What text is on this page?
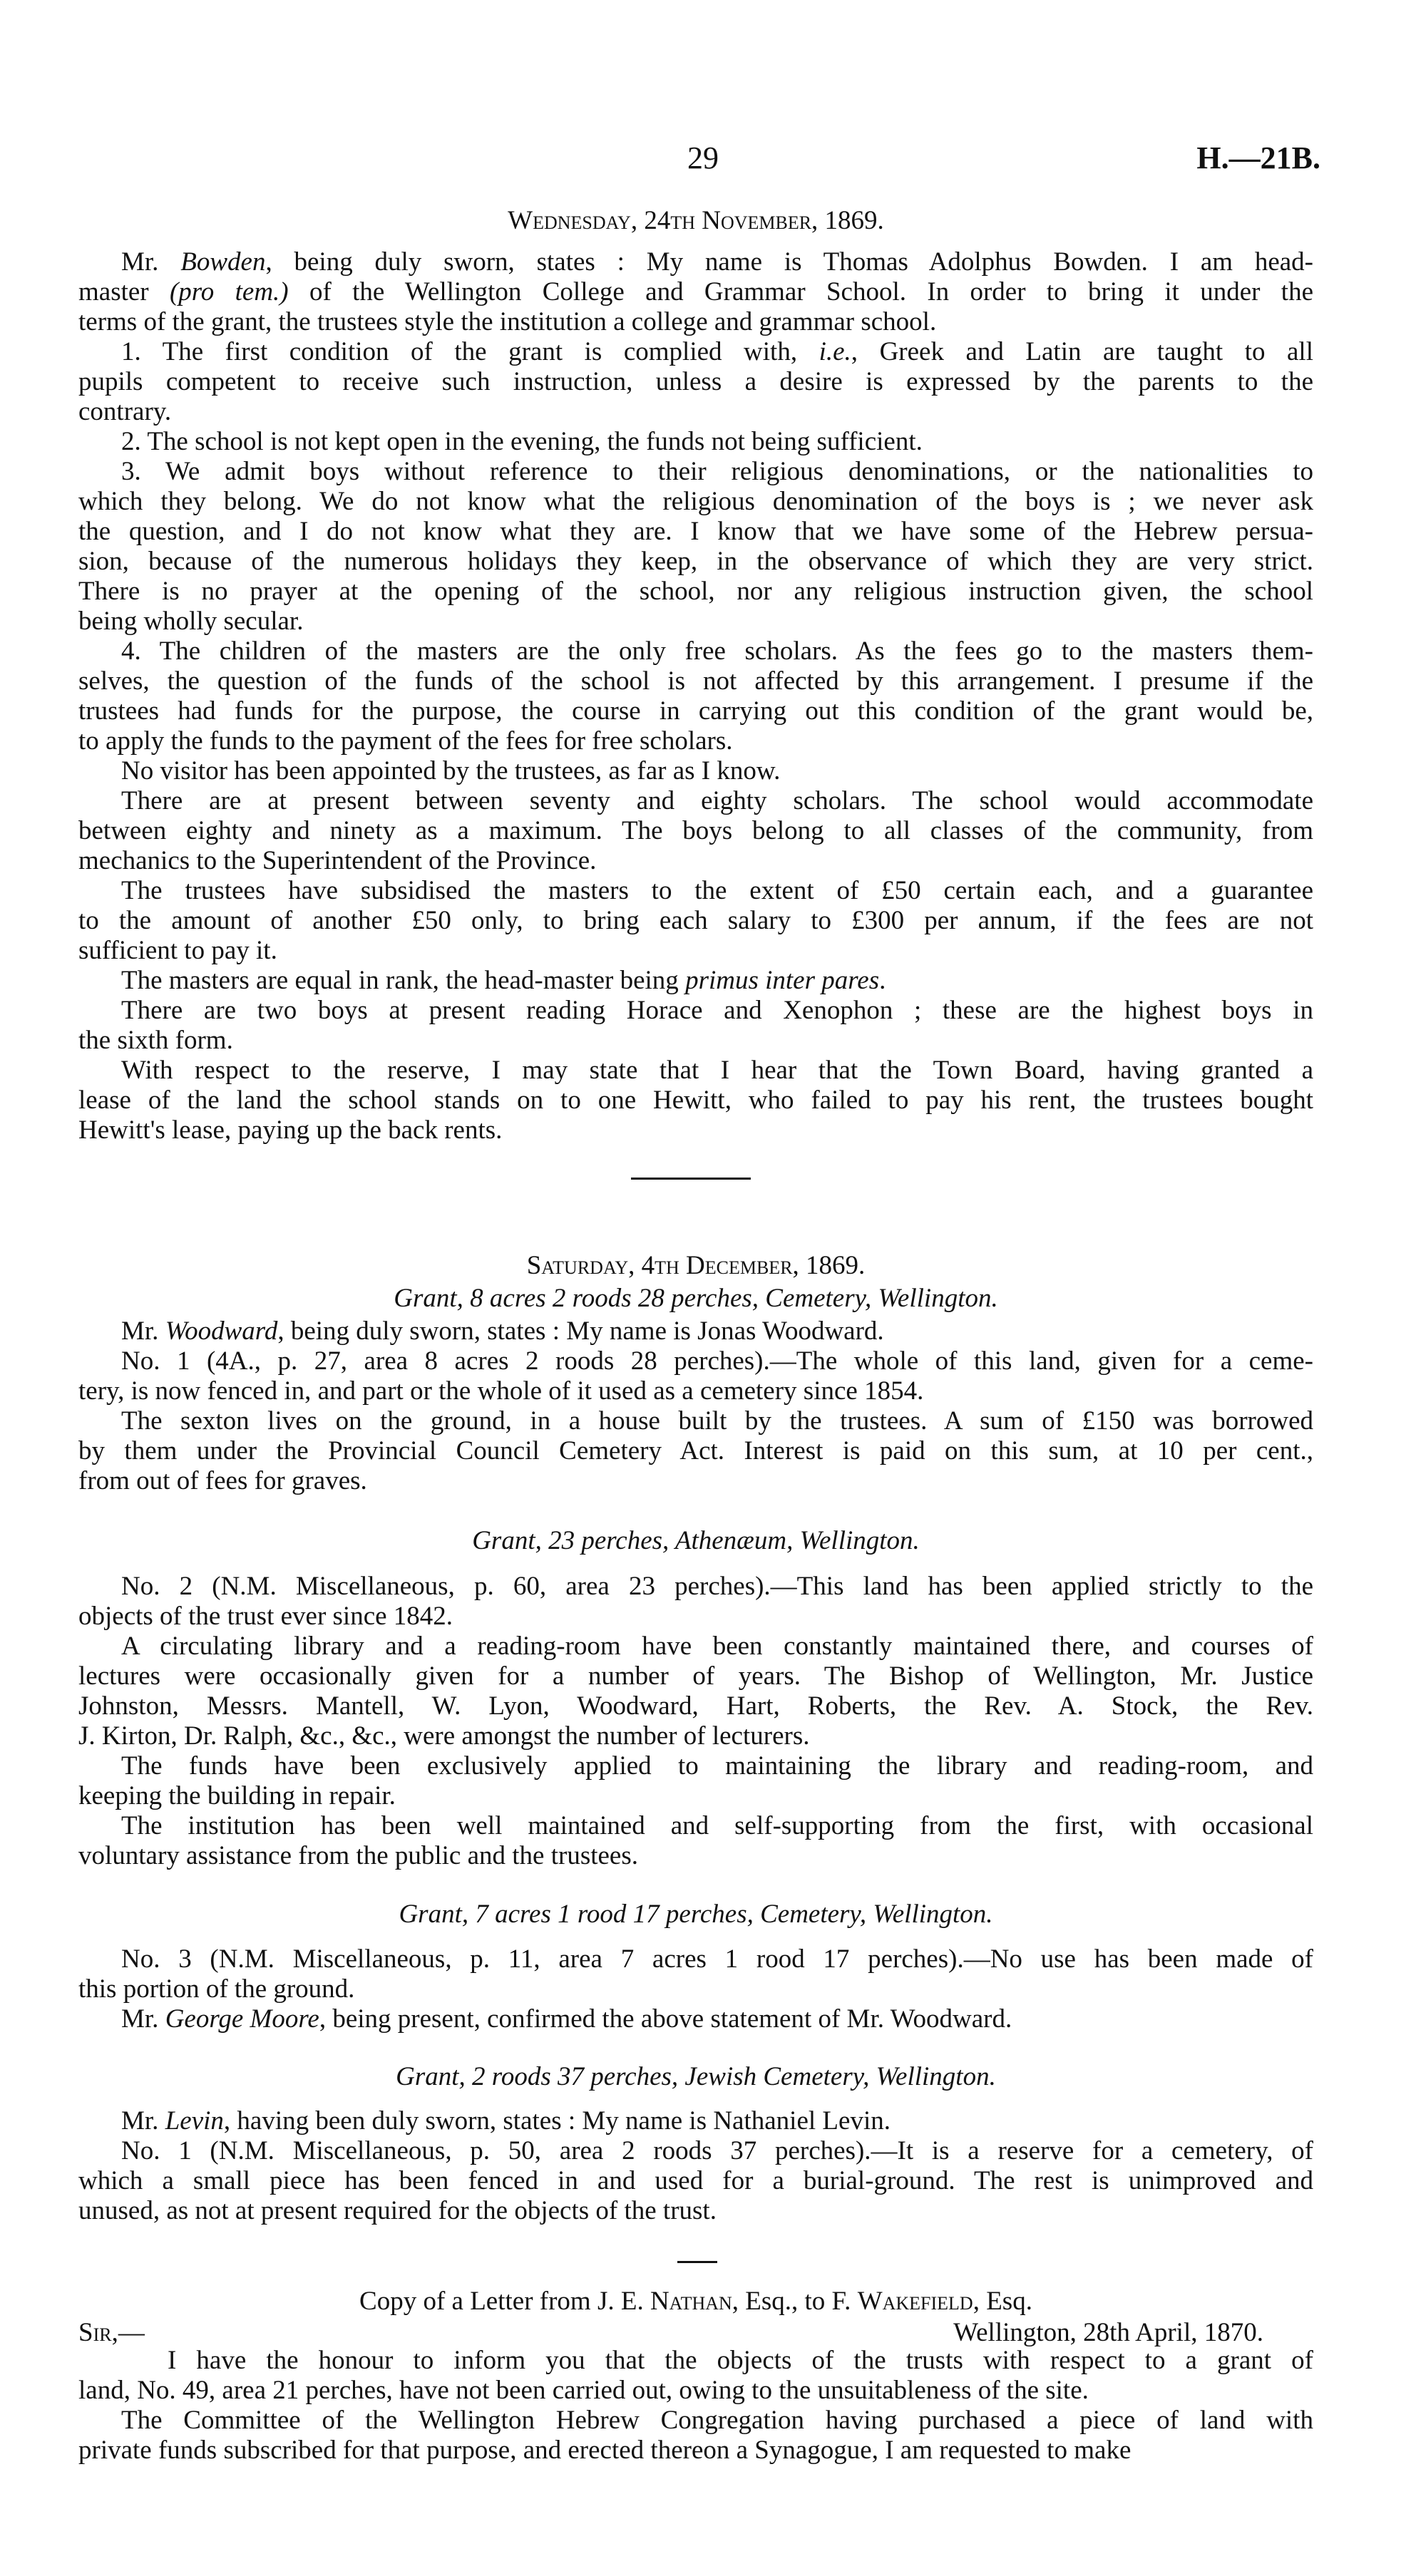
29	H.—21B.
Wednesday, 24th November, 1869.
Mr. Bowden, being duly sworn, states : My name is Thomas Adolphus Bowden. I am head-
master (pro tem.) of the Wellington College and Grammar School. In order to bring it under the
terms of the grant, the trustees style the institution a college and grammar school.
1. The first condition of the grant is complied with, i.e., Greek and Latin are taught to all
pupils competent to receive such instruction, unless a desire is expressed by the parents to the
contrary.
2. The school is not kept open in the evening, the funds not being sufficient.
3. We admit boys without reference to their religious denominations, or the nationalities to
which they belong. We do not know what the religious denomination of the boys is ; we never ask
the question, and I do not know what they are. I know that we have some of the Hebrew persua-
sion, because of the numerous holidays they keep, in the observance of which they are very strict.
There is no prayer at the opening of the school, nor any religious instruction given, the school
being wholly secular.
4. The children of the masters are the only free scholars. As the fees go to the masters them-
selves, the question of the funds of the school is not affected by this arrangement. I presume if the
trustees had funds for the purpose, the course in carrying out this condition of the grant would be,
to apply the funds to the payment of the fees for free scholars.
No visitor has been appointed by the trustees, as far as I know.
There are at present between seventy and eighty scholars. The school would accommodate
between eighty and ninety as a maximum. The boys belong to all classes of the community, from
mechanics to the Superintendent of the Province.
The trustees have subsidised the masters to the extent of £50 certain each, and a guarantee
to the amount of another £50 only, to bring each salary to £300 per annum, if the fees are not
sufficient to pay it.
The masters are equal in rank, the head-master being primus inter pares.
There are two boys at present reading Horace and Xenophon ; these are the highest boys in
the sixth form.
With respect to the reserve, I may state that I hear that the Town Board, having granted a
lease of the land the school stands on to one Hewitt, who failed to pay his rent, the trustees bought
Hewitt's lease, paying up the back rents.
Saturday, 4th December, 1869.
Grant, 8 acres 2 roods 28 perches, Cemetery, Wellington.
Mr. Woodward, being duly sworn, states : My name is Jonas Woodward.
No. 1 (4A., p. 27, area 8 acres 2 roods 28 perches).—The whole of this land, given for a ceme-
tery, is now fenced in, and part or the whole of it used as a cemetery since 1854.
The sexton lives on the ground, in a house built by the trustees. A sum of £150 was borrowed
by them under the Provincial Council Cemetery Act. Interest is paid on this sum, at 10 per cent.,
from out of fees for graves.
Grant, 23 perches, Athenæum, Wellington.
No. 2 (N.M. Miscellaneous, p. 60, area 23 perches).—This land has been applied strictly to the
objects of the trust ever since 1842.
A circulating library and a reading-room have been constantly maintained there, and courses of
lectures were occasionally given for a number of years. The Bishop of Wellington, Mr. Justice
Johnston, Messrs. Mantell, W. Lyon, Woodward, Hart, Roberts, the Rev. A. Stock, the Rev.
J. Kirton, Dr. Ralph, &c., &c., were amongst the number of lecturers.
The funds have been exclusively applied to maintaining the library and reading-room, and
keeping the building in repair.
The institution has been well maintained and self-supporting from the first, with occasional
voluntary assistance from the public and the trustees.
Grant, 7 acres 1 rood 17 perches, Cemetery, Wellington.
No. 3 (N.M. Miscellaneous, p. 11, area 7 acres 1 rood 17 perches).—No use has been made of
this portion of the ground.
Mr. George Moore, being present, confirmed the above statement of Mr. Woodward.
Grant, 2 roods 37 perches, Jewish Cemetery, Wellington.
Mr. Levin, having been duly sworn, states : My name is Nathaniel Levin.
No. 1 (N.M. Miscellaneous, p. 50, area 2 roods 37 perches).—It is a reserve for a cemetery, of
which a small piece has been fenced in and used for a burial-ground. The rest is unimproved and
unused, as not at present required for the objects of the trust.
Copy of a Letter from J. E. Nathan, Esq., to F. Wakefield, Esq.
Sir,—	Wellington, 28th April, 1870.
I have the honour to inform you that the objects of the trusts with respect to a grant of
land, No. 49, area 21 perches, have not been carried out, owing to the unsuitableness of the site.
The Committee of the Wellington Hebrew Congregation having purchased a piece of land with
private funds subscribed for that purpose, and erected thereon a Synagogue, I am requested to make
